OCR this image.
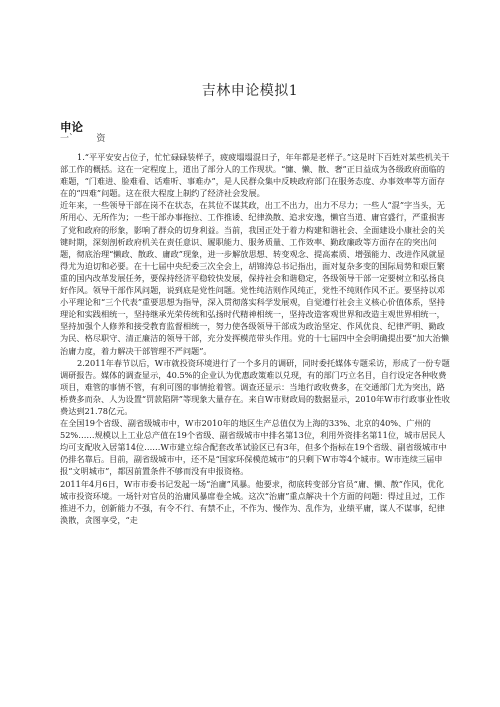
吉林申论模拟1
申论
一`        资

1.“平平安安占位子，忙忙碌碌装样子，疲疲塌塌混日子，年年都是老样子。”这是时下百姓对某些机关干部工作的概括。这在一定程度上，道出了部分人的工作现状。“慵、懒、散、奢”正日益成为各级政府面临的难题，“门难进、脸难看、话难听、事难办”，是人民群众集中反映政府部门在服务态度、办事效率等方面存在的“四难”问题。这在很大程度上制约了经济社会发展。

近年来，一些领导干部在岗不在状态，在其位不谋其政，出工不出力，出力不尽力；一些人“混”字当头，无所用心、无所作为；一些干部办事拖拉、工作推诿、纪律涣散、追求安逸，懒官当道、庸官盛行，严重损害了党和政府的形象，影响了群众的切身利益。当前，我国正处于着力构建和谐社会、全面建设小康社会的关键时期，深刻剖析政府机关在责任意识、履职能力、服务质量、工作效率、勤政廉政等方面存在的突出问题，彻底治理“懒政、散政、庸政”现象，进一步解放思想、转变观念、提高素质、增强能力、改进作风就显得尤为迫切和必要。在十七届中央纪委三次全会上，胡锦涛总书记指出，面对复杂多变的国际局势和艰巨繁重的国内改革发展任务，要保持经济平稳较快发展，保持社会和谐稳定，各级领导干部一定要树立和弘扬良好作风。领导干部作风问题，说到底是党性问题。党性纯洁则作风纯正，党性不纯则作风不正。要坚持以邓小平理论和“三个代表”重要思想为指导，深入贯彻落实科学发展观，自觉遵行社会主义核心价值体系，坚持理论和实践相统一，坚持继承光荣传统和弘扬时代精神相统一，坚持改造客观世界和改造主观世界相统一，坚持加强个人修养和接受教育监督相统一，努力使各级领导干部成为政治坚定、作风优良、纪律严明、勤政为民、格尽职守、清正廉洁的领导干部，充分发挥模范带头作用。党的十七届四中全会明确提出要“加大治懒治庸力度，着力解决干部管理不严问题”。

2.2011年春节以后，W市就投资环境进行了一个多月的调研，同时委托媒体专题采访，形成了一份专题调研报告。媒体的调查显示，40.5%的企业认为优惠政策难以兑现，有的部门巧立名目，自行设定各种收费项目，难管的事情不管，有利可图的事情抢着管。调查还显示：当地行政收费多，在交通部门尤为突出，路桥费多而杂、人为设置“罚款陷阱”等现象大量存在。来自W市财政局的数据显示，2010年W市行政事业性收费达到21.78亿元。

在全国19个省级、副省级城市中，W市2010年的地区生产总值仅为上海的33%、北京的40%、广州的52%……规模以上工业总产值在19个省级、副省级城市中排名第13位，利用外资排名第11位，城市居民人均可支配收入居第14位……W市建立综合配套改革试验区已有3年，但多个指标在19个省级、副省级城市中仍排名靠后。目前，副省级城市中，还不是“国家环保模范城市”的只剩下W市等4个城市。W市连续三届申报“文明城市”，都因前置条件不够而没有申报资格。

2011年4月6日，W市市委书记发起一场“治庸”风暴。他要求，彻底转变部分官员“庸、懒、散”作风，优化城市投资环境。一场针对官员的治庸风暴席卷全城。这次“治庸”重点解决十个方面的问题：得过且过，工作推进不力，创新能力不强，有令不行、有禁不止，不作为、慢作为、乱作为，业绩平庸，谋人不谋事，纪律涣散，贪图享受，“走
